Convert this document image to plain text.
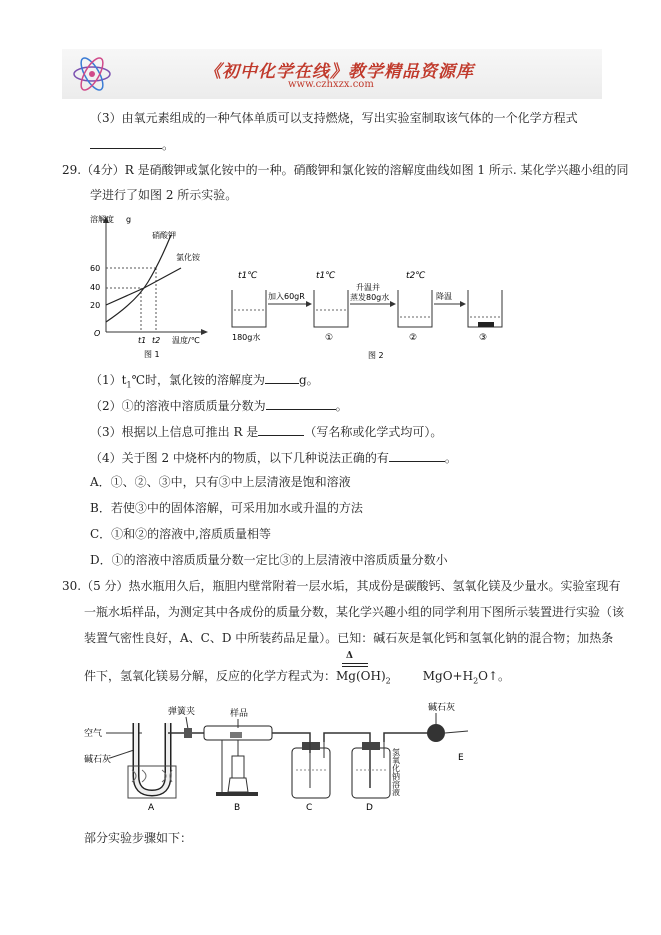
《初中化学在线》教学精品资源库
www.czhxzx.com
（3）由氧元素组成的一种气体单质可以支持燃烧，写出实验室制取该气体的一个化学方程式
。
29.（4分）R 是硝酸钾或氯化铵中的一种。硝酸钾和氯化铵的溶解度曲线如图 1 所示. 某化学兴趣小组的同
学进行了如图 2 所示实验。
溶解度 g
60
40
20
O
硝酸钾
氯化铵
t1 t2 温度/℃
图 1
t1℃	t1℃	t2℃
加入60gR
升温并
蒸发80g水	降温
180g水	①	②	③
图 2
$(1)t_1℃$时，氯化铵的溶解度为	g。
（2）①的溶液中溶质质量分数为	。
（3）根据以上信息可推出 R 是	（写名称或化学式均可）。
（4）关于图 2 中烧杯内的物质，以下几种说法正确的有	。
A．①、②、③中，只有③中上层清液是饱和溶液
B．若使③中的固体溶解，可采用加水或升温的方法
C．①和②的溶液中,溶质质量相等
D．①的溶液中溶质质量分数一定比③的上层清液中溶质质量分数小
30.（5 分）热水瓶用久后，瓶胆内壁常附着一层水垢，其成份是碳酸钙、氢氧化镁及少量水。实验室现有
一瓶水垢样品，为测定其中各成份的质量分数，某化学兴趣小组的同学利用下图所示装置进行实验（该
装置气密性良好，A、C、D 中所装药品足量）。已知：碱石灰是氧化钙和氢氧化钠的混合物；加热条
Δ
件下，氢氧化镁易分解，反应的化学方程式为：$Mg(OH)_2$	$MgO+H_2O↑$。
空气
碱石灰
A
弹簧夹	样品
B	C	D
氢氧化钠溶液
碱石灰
E
部分实验步骤如下：
